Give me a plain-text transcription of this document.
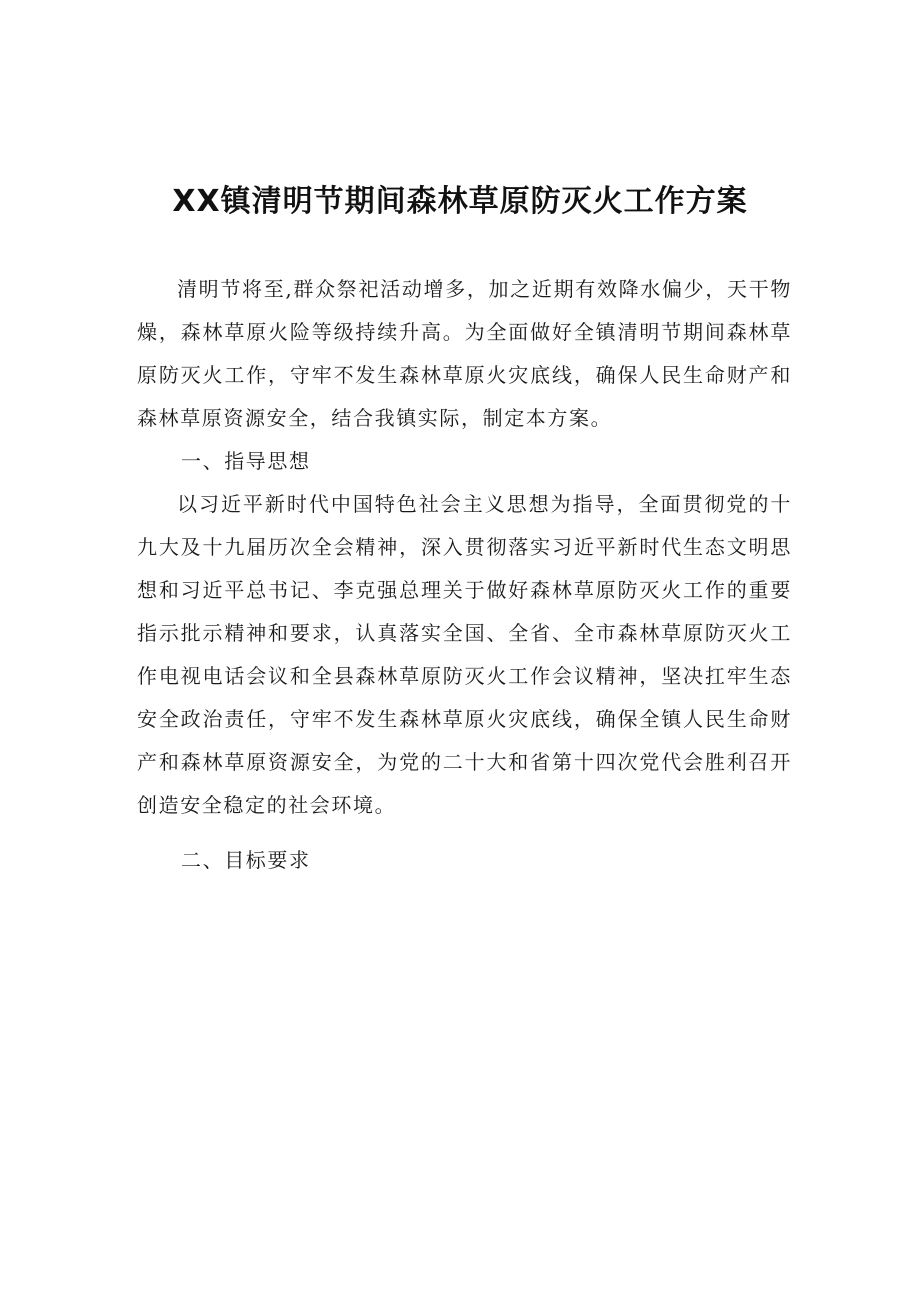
XX镇清明节期间森林草原防灭火工作方案

清明节将至,群众祭祀活动增多，加之近期有效降水偏少，天干物燥，森林草原火险等级持续升高。为全面做好全镇清明节期间森林草原防灭火工作，守牢不发生森林草原火灾底线，确保人民生命财产和森林草原资源安全，结合我镇实际，制定本方案。

一、指导思想

以习近平新时代中国特色社会主义思想为指导，全面贯彻党的十九大及十九届历次全会精神，深入贯彻落实习近平新时代生态文明思想和习近平总书记、李克强总理关于做好森林草原防灭火工作的重要指示批示精神和要求，认真落实全国、全省、全市森林草原防灭火工作电视电话会议和全县森林草原防灭火工作会议精神，坚决扛牢生态安全政治责任，守牢不发生森林草原火灾底线，确保全镇人民生命财产和森林草原资源安全，为党的二十大和省第十四次党代会胜利召开创造安全稳定的社会环境。

二、目标要求
